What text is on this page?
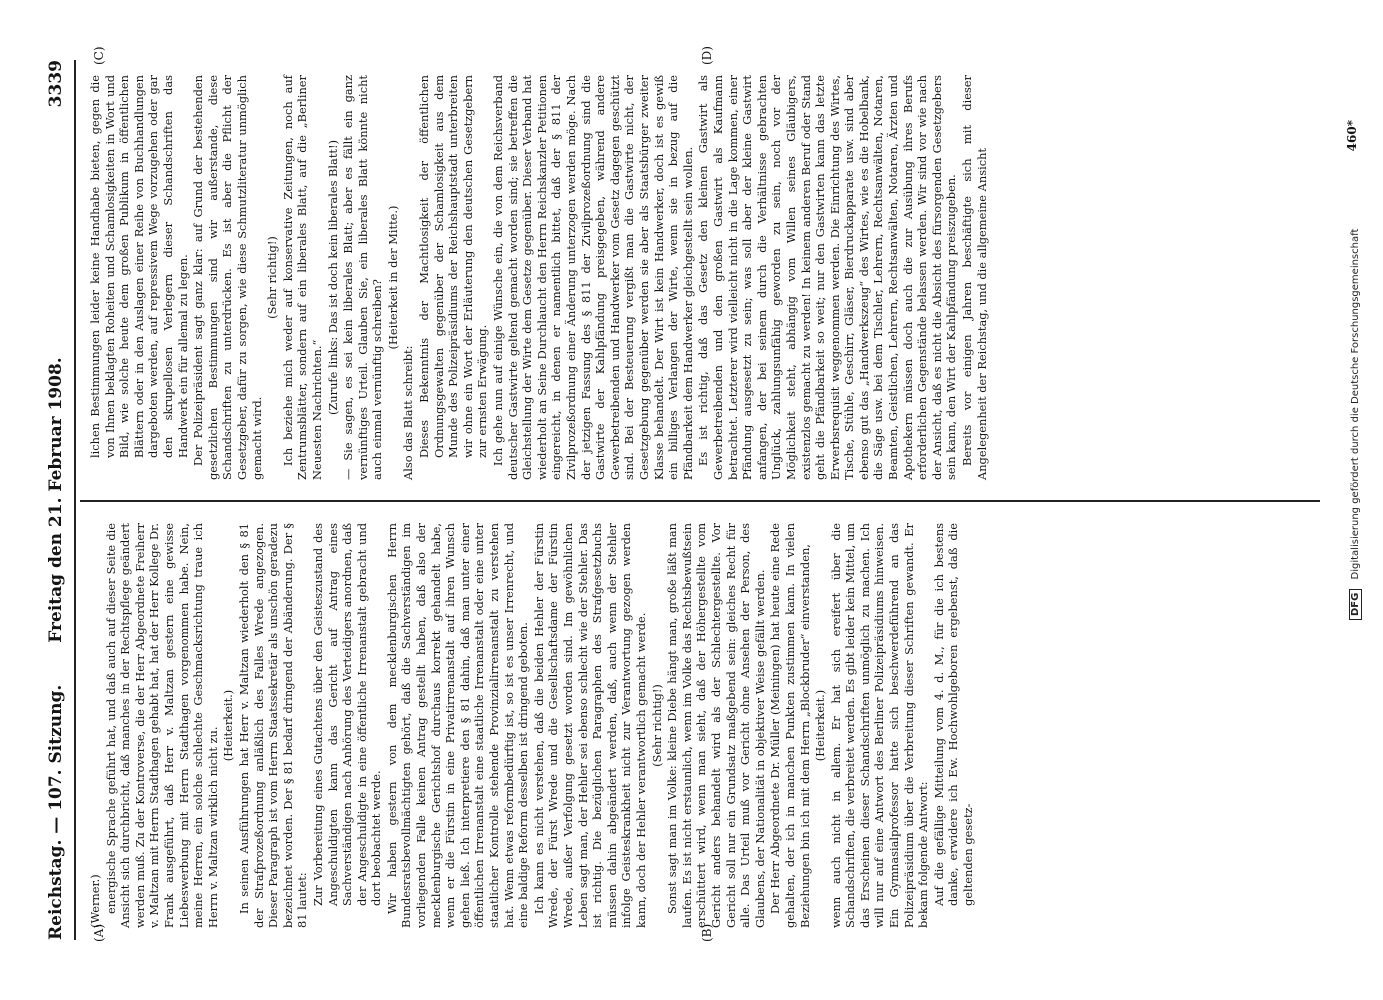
Reichstag. — 107. Sitzung.
Freitag den 21. Februar 1908.
3339
(A)	(B)
(C)	(D)

(Werner.) energische Sprache geführt hat, und daß auch auf dieser Seite die Ansicht sich durchbricht, daß manches in der Rechtspflege geändert werden muß. Zu der Kontroverse, die der Herr Abgeordnete Freiherr v. Maltzan mit Herrn Stadthagen gehabt hat, hat der Herr Kollege Dr. Frank ausgeführt, daß Herr v. Maltzan gestern eine gewisse Liebeswerbung mit Herrn Stadthagen vorgenommen habe. Nein, meine Herren, ein solche schlechte Geschmacksrichtung traue ich Herrn v. Maltzan wirklich nicht zu.

(Heiterkeit.) In seinen Ausführungen hat Herr v. Maltzan wiederholt den § 81 der Strafprozeßordnung anläßlich des Falles Wrede angezogen. Dieser Paragraph ist vom Herrn Staatssekretär als unschön geradezu bezeichnet worden. Der § 81 bedarf dringend der Abänderung. Der § 81 lautet: Zur Vorbereitung eines Gutachtens über den Geisteszustand des Angeschuldigten kann das Gericht auf Antrag eines Sachverständigen nach Anhörung des Verteidigers anordnen, daß der Angeschuldigte in eine öffentliche Irrenanstalt gebracht und dort beobachtet werde. Wir haben gestern von dem mecklenburgischen Herrn Bundesratsbevollmächtigten gehört, daß die Sachverständigen im vorliegenden Falle keinen Antrag gestellt haben, daß also der mecklenburgische Gerichtshof durchaus korrekt gehandelt habe, wenn er die Fürstin in eine Privatirrenanstalt auf ihren Wunsch gehen ließ. Ich interpretiere den § 81 dahin, daß man unter einer öffentlichen Irrenanstalt eine staatliche Irrenanstalt oder eine unter staatlicher Kontrolle stehende Provinzialirrenanstalt zu verstehen hat. Wenn etwas reformbedürftig ist, so ist es unser Irrenrecht, und eine baldige Reform desselben ist dringend geboten. Ich kann es nicht verstehen, daß die beiden Hehler der Fürstin Wrede, der Fürst Wrede und die Gesellschaftsdame der Fürstin Wrede, außer Verfolgung gesetzt worden sind. Im gewöhnlichen Leben sagt man, der Hehler sei ebenso schlecht wie der Stehler. Das ist richtig. Die bezüglichen Paragraphen des Strafgesetzbuchs müssen dahin abgeändert werden, daß, auch wenn der Stehler infolge Geisteskrankheit nicht zur Verantwortung gezogen werden kann, doch der Hehler verantwortlich gemacht werde. (Sehr richtig!) Sonst sagt man im Volke: kleine Diebe hängt man, große läßt man laufen. Es ist nicht erstaunlich, wenn im Volke das Rechtsbewußtsein erschüttert wird, wenn man sieht, daß der Höhergestellte vom Gericht anders behandelt wird als der Schlechtergestellte. Vor Gericht soll nur ein Grundsatz maßgebend sein: gleiches Recht für alle. Das Urteil muß vor Gericht ohne Ansehen der Person, des Glaubens, der Nationalität in objektiver Weise gefällt werden. Der Herr Abgeordnete Dr. Müller (Meiningen) hat heute eine Rede gehalten, der ich in manchen Punkten zustimmen kann. In vielen Beziehungen bin ich mit dem Herrn „Blockbruder“ einverstanden, (Heiterkeit.) wenn auch nicht in allem. Er hat sich ereifert über die Schandschriften, die verbreitet werden. Es gibt leider kein Mittel, um das Erscheinen dieser Schandschriften unmöglich zu machen. Ich will nur auf eine Antwort des Berliner Polizeipräsidiums hinweisen. Ein Gymnasialprofessor hatte sich beschwerdeführend an das Polizeipräsidium über die Verbreitung dieser Schriften gewandt. Er bekam folgende Antwort: Auf die gefällige Mitteilung vom 4. d. M., für die ich bestens danke, erwidere ich Ew. Hochwohlgeboren ergebenst, daß die geltenden gesetz-

lichen Bestimmungen leider keine Handhabe bieten, gegen die von Ihnen beklagten Roheiten und Schamlosigkeiten in Wort und Bild, wie solche heute dem großen Publikum in öffentlichen Blättern oder in den Auslagen einer Reihe von Buchhandlungen dargeboten werden, auf repressivem Wege vorzugehen oder gar den skrupellosen Verlegern dieser Schandschriften das Handwerk ein für allemal zu legen. Der Polizeipräsident sagt ganz klar: auf Grund der bestehenden gesetzlichen Bestimmungen sind wir außerstande, diese Schandschriften zu unterdrücken. Es ist aber die Pflicht der Gesetzgeber, dafür zu sorgen, wie diese Schmutzliteratur unmöglich gemacht wird.

(Sehr richtig!) Ich beziehe mich weder auf konservative Zeitungen, noch auf Zentrumsblätter, sondern auf ein liberales Blatt, auf die „Berliner Neuesten Nachrichten.“ (Zurufe links: Das ist doch kein liberales Blatt!) — Sie sagen, es sei kein liberales Blatt; aber es fällt ein ganz vernünftiges Urteil. Glauben Sie, ein liberales Blatt könnte nicht auch einmal vernünftig schreiben?

(Heiterkeit in der Mitte.)

Also das Blatt schreibt: Dieses Bekenntnis der Machtlosigkeit der öffentlichen Ordnungsgewalten gegenüber der Schamlosigkeit aus dem Munde des Polizeipräsidiums der Reichshauptstadt unterbreiten wir ohne ein Wort der Erläuterung den deutschen Gesetzgebern zur ernsten Erwägung. Ich gehe nun auf einige Wünsche ein, die von dem Reichsverband deutscher Gastwirte geltend gemacht worden sind; sie betreffen die Gleichstellung der Wirte dem Gesetze gegenüber. Dieser Verband hat wiederholt an Seine Durchlaucht den Herrn Reichskanzler Petitionen eingereicht, in denen er namentlich bittet, daß der § 811 der Zivilprozeßordnung einer Änderung unterzogen werden möge. Nach der jetzigen Fassung des § 811 der Zivilprozeßordnung sind die Gastwirte der Kahlpfändung preisgegeben, während andere Gewerbetreibenden und Handwerker vom Gesetz dagegen geschützt sind. Bei der Besteuerung vergißt man die Gastwirte nicht, der Gesetzgebung gegenüber werden sie aber als Staatsbürger zweiter Klasse behandelt. Der Wirt ist kein Handwerker, doch ist es gewiß ein billiges Verlangen der Wirte, wenn sie in bezug auf die Pfändbarkeit dem Handwerker gleichgestellt sein wollen. Es ist richtig, daß das Gesetz den kleinen Gastwirt als Gewerbetreibenden und den großen Gastwirt als Kaufmann betrachtet. Letzterer wird vielleicht nicht in die Lage kommen, einer Pfändung ausgesetzt zu sein; was soll aber der kleine Gastwirt anfangen, der bei seinem durch die Verhältnisse gebrachten Unglück, zahlungsunfähig geworden zu sein, noch vor der Möglichkeit steht, abhängig vom Willen seines Gläubigers, existenzlos gemacht zu werden! In keinem anderen Beruf oder Stand geht die Pfändbarkeit so weit; nur den Gastwirten kann das letzte Erwerbsrequisit weggenommen werden. Die Einrichtung des Wirtes, Tische, Stühle, Geschirr, Gläser, Bierdruckapparate usw. sind aber ebenso gut das „Handwerkszeug“ des Wirtes, wie es die Hobelbank, die Säge usw. bei dem Tischler, Lehrern, Rechtsanwälten, Notaren, Beamten, Geistlichen, Lehrern, Rechtsanwälten, Notaren, Ärzten und Apothekern müssen doch auch die zur Ausübung ihres Berufs erforderlichen Gegenstände belassen werden. Wir sind vor wie nach der Ansicht, daß es nicht die Absicht des fürsorgenden Gesetzgebers sein kann, den Wirt der Kahlpfändung preiszugeben. Bereits vor einigen Jahren beschäftigte sich mit dieser Angelegenheit der Reichstag, und die allgemeine Ansicht

460*
DFG Digitalisierung gefördert durch die Deutsche Forschungsgemeinschaft
